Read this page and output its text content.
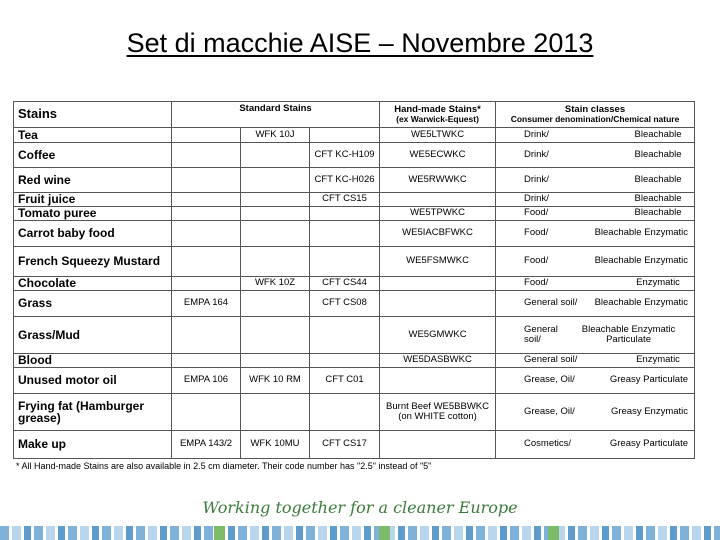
Set di macchie AISE – Novembre 2013
Stains	Standard Stains			Hand-made Stains*
(ex Warwick-Equest)	Stain classes
Consumer denomination/Chemical nature

Tea		WFK 10J		WE5LTWKC	Drink/ Bleachable

Coffee			CFT KC-H109	WE5ECWKC	Drink/ Bleachable

Red wine			CFT KC-H026	WE5RWWKC	Drink/ Bleachable

Fruit juice			CFT CS15		Drink/ Bleachable

Tomato puree				WE5TPWKC	Food/ Bleachable

Carrot baby food				WE5IACBFWKC	Food/ Bleachable Enzymatic

French Squeezy Mustard				WE5FSMWKC	Food/ Bleachable Enzymatic

Chocolate		WFK 10Z	CFT CS44		Food/ Enzymatic

Grass	EMPA 164		CFT CS08		General soil/ Bleachable Enzymatic

Grass/Mud				WE5GMWKC	General soil/
Bleachable Enzymatic Particulate

Blood				WE5DASBWKC	General soil/ Enzymatic

Unused motor oil	EMPA 106	WFK 10 RM	CFT C01		Grease, Oil/ Greasy Particulate

Frying fat (Hamburger grease)				Burnt Beef WE5BBWKC (on WHITE cotton)	Grease, Oil/ Greasy Enzymatic

Make up	EMPA 143/2	WFK 10MU	CFT CS17		Cosmetics/ Greasy Particulate
* All Hand-made Stains are also available in 2.5 cm diameter. Their code number has "2.5" instead of "5"
Working together for a cleaner Europe
